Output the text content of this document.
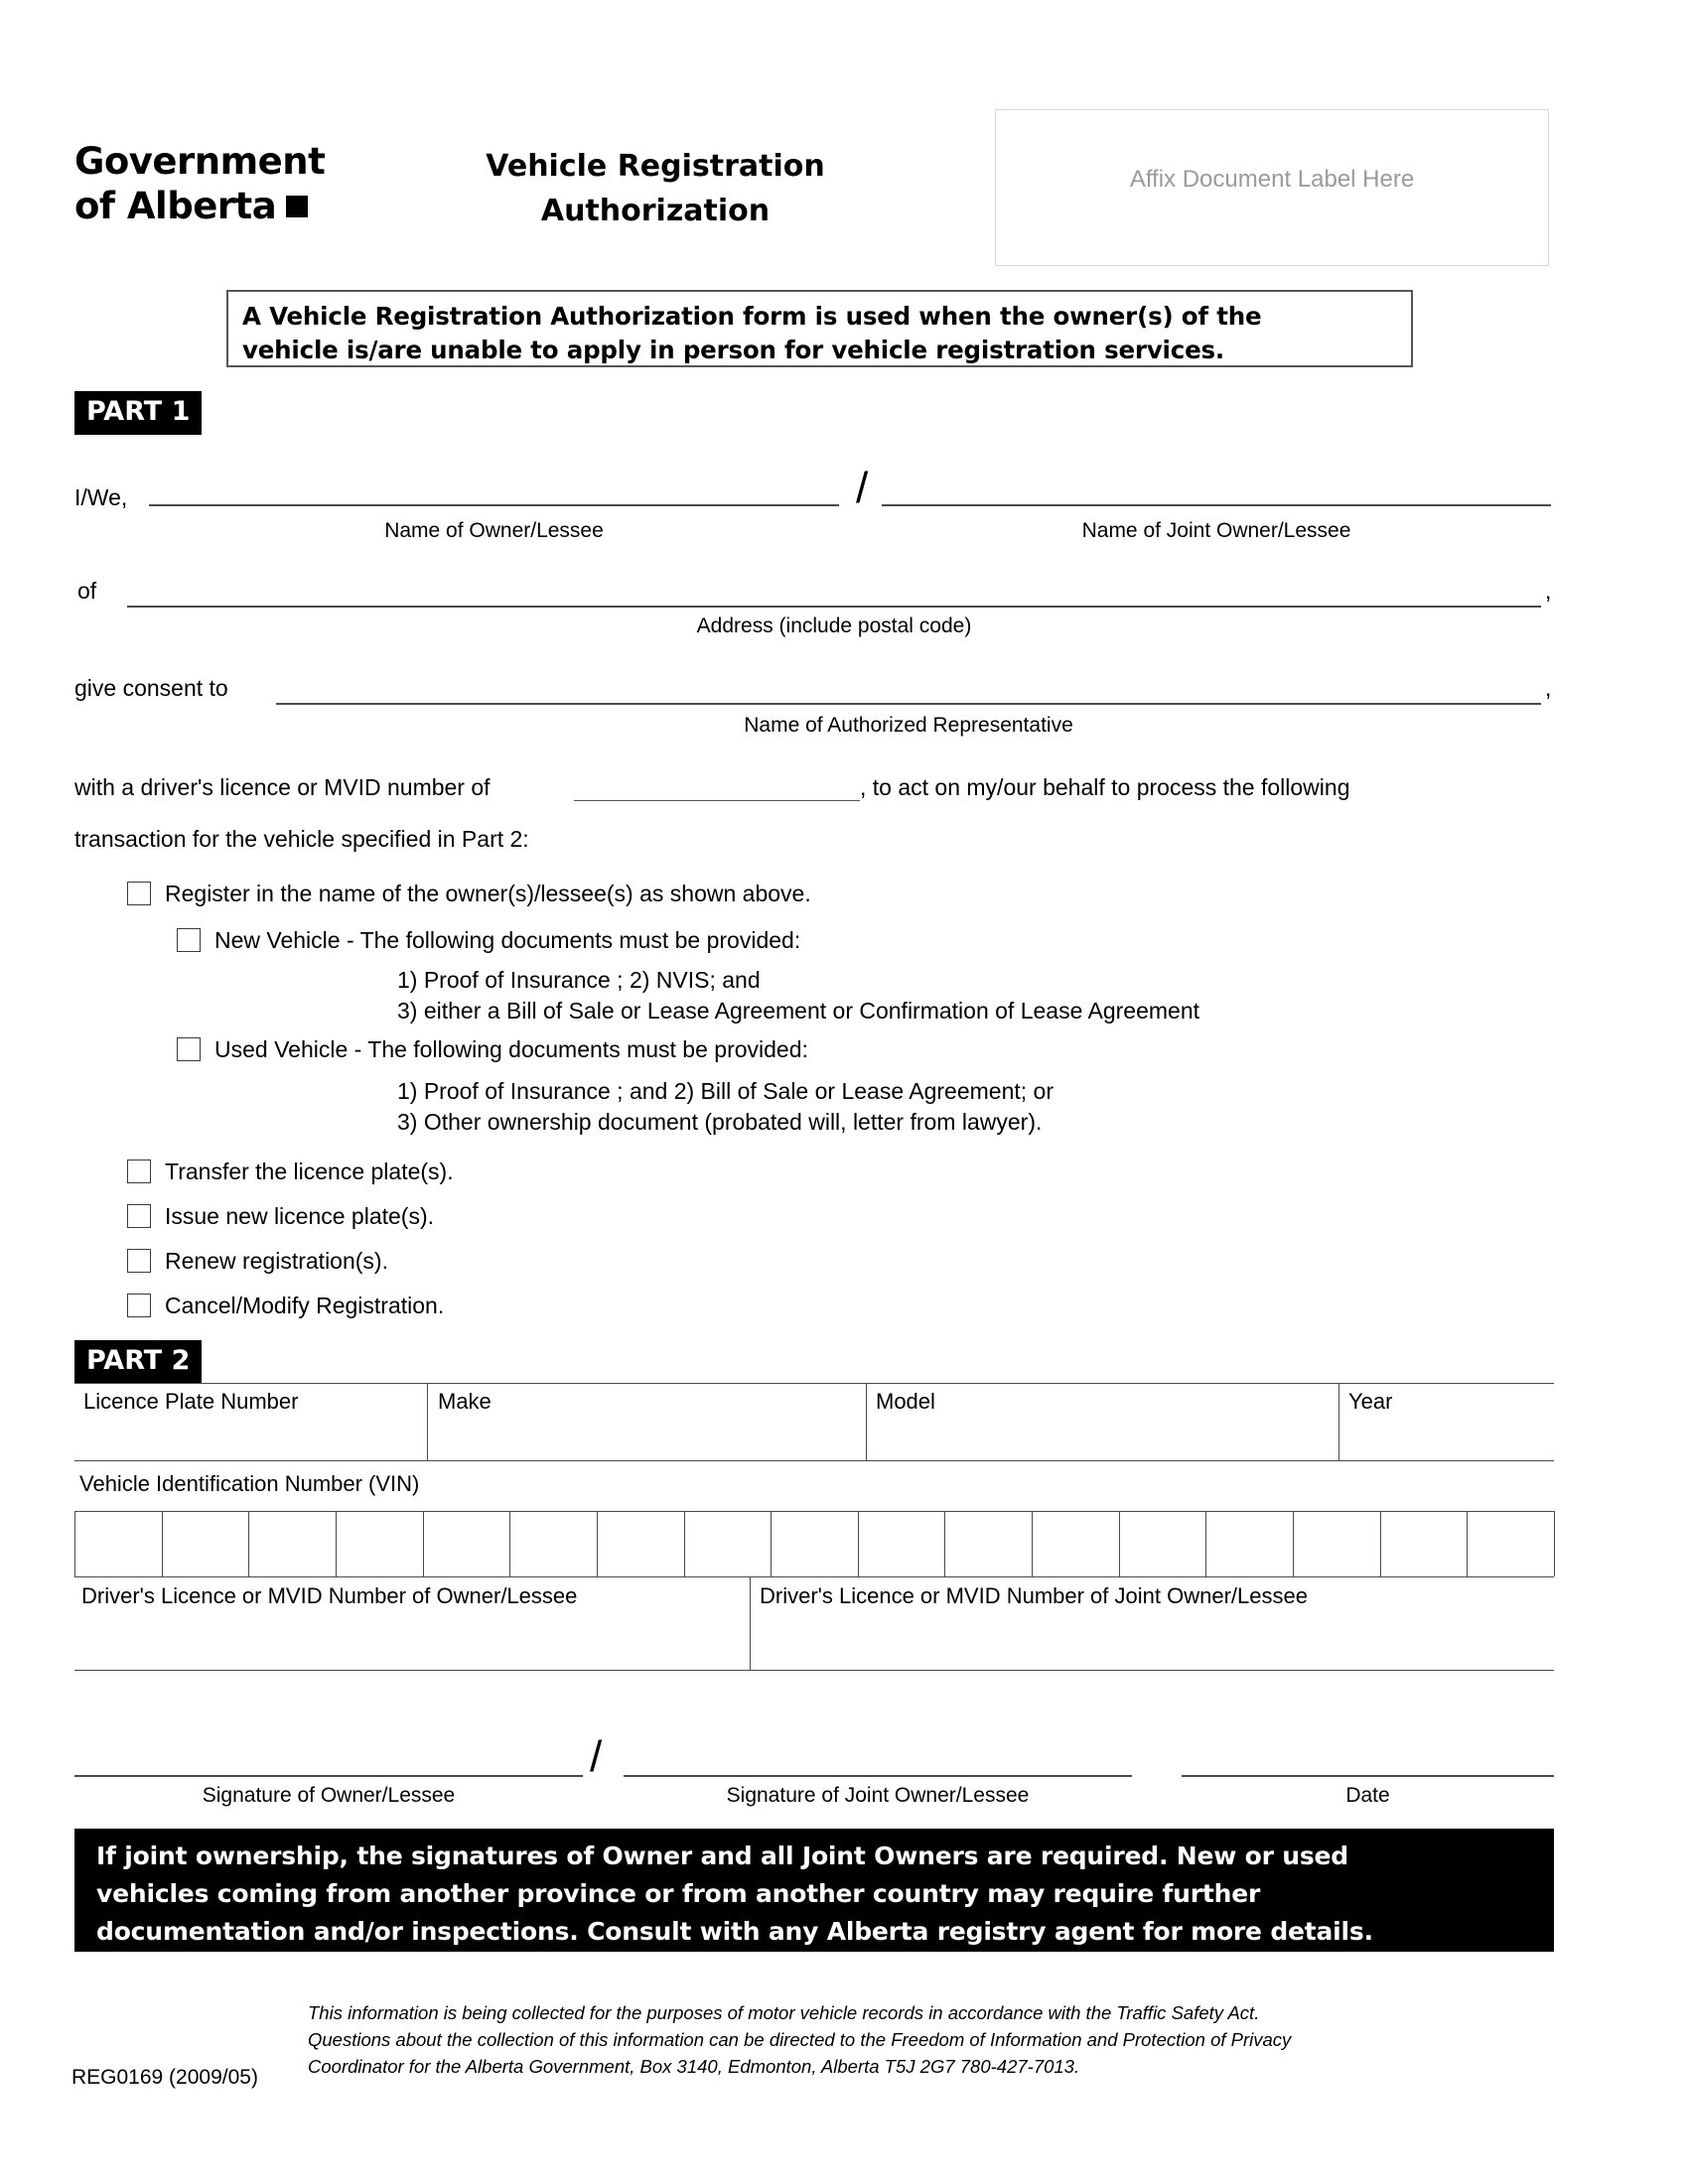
Government
of Alberta
Vehicle Registration
Authorization
Affix Document Label Here

A Vehicle Registration Authorization form is used when the owner(s) of the

vehicle is/are unable to apply in person for vehicle registration services.

PART 1
I/We,	/
Name of Owner/Lessee	Name of Joint Owner/Lessee
of	,
Address (include postal code)
give consent to	,
Name of Authorized Representative
with a driver's licence or MVID number of	, to act on my/our behalf to process the following
transaction for the vehicle specified in Part 2:
Register in the name of the owner(s)/lessee(s) as shown above.
New Vehicle - The following documents must be provided:
1) Proof of Insurance ; 2) NVIS; and
3) either a Bill of Sale or Lease Agreement or Confirmation of Lease Agreement
Used Vehicle - The following documents must be provided:
1) Proof of Insurance ; and 2) Bill of Sale or Lease Agreement; or
3) Other ownership document (probated will, letter from lawyer).
Transfer the licence plate(s).
Issue new licence plate(s).
Renew registration(s).
Cancel/Modify Registration.
PART 2
Licence Plate Number	Make	Model	Year
Vehicle Identification Number (VIN)
Driver's Licence or MVID Number of Owner/Lessee	Driver's Licence or MVID Number of Joint Owner/Lessee
/
Signature of Owner/Lessee	Signature of Joint Owner/Lessee	Date

If joint ownership, the signatures of Owner and all Joint Owners are required. New or used

vehicles coming from another province or from another country may require further

documentation and/or inspections. Consult with any Alberta registry agent for more details.

This information is being collected for the purposes of motor vehicle records in accordance with the Traffic Safety Act.
Questions about the collection of this information can be directed to the Freedom of Information and Protection of Privacy
Coordinator for the Alberta Government, Box 3140, Edmonton, Alberta T5J 2G7 780-427-7013.
REG0169 (2009/05)
